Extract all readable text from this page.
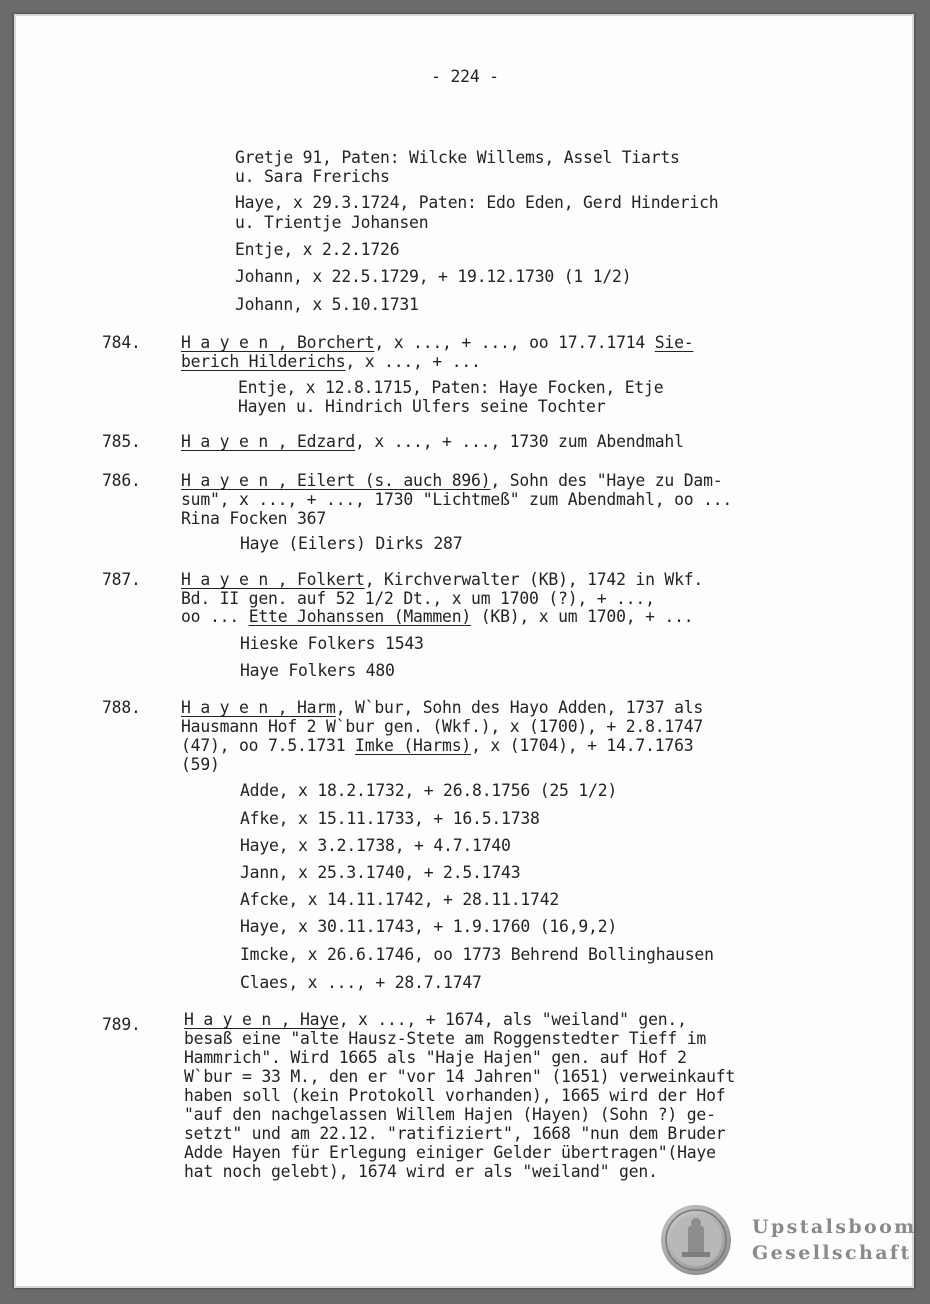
- 224 -
Gretje 91, Paten: Wilcke Willems, Assel Tiarts
u. Sara Frerichs
Haye, x 29.3.1724, Paten: Edo Eden, Gerd Hinderich
u. Trientje Johansen
Entje, x 2.2.1726
Johann, x 22.5.1729, + 19.12.1730 (1 1/2)
Johann, x 5.10.1731
784. H a y e n , Borchert, x ..., + ..., oo 17.7.1714 Sie-
berich Hilderichs, x ..., + ...
Entje, x 12.8.1715, Paten: Haye Focken, Etje
Hayen u. Hindrich Ulfers seine Tochter
785. H a y e n , Edzard, x ..., + ..., 1730 zum Abendmahl
786. H a y e n , Eilert (s. auch 896), Sohn des "Haye zu Dam-
sum", x ..., + ..., 1730 "Lichtmeß" zum Abendmahl, oo ...
Rina Focken 367
Haye (Eilers) Dirks 287
787. H a y e n , Folkert, Kirchverwalter (KB), 1742 in Wkf.
Bd. II gen. auf 52 1/2 Dt., x um 1700 (?), + ...,
oo ... Ette Johanssen (Mammen) (KB), x um 1700, + ...
Hieske Folkers 1543
Haye Folkers 480
788. H a y e n , Harm, W`bur, Sohn des Hayo Adden, 1737 als
Hausmann Hof 2 W`bur gen. (Wkf.), x (1700), + 2.8.1747
(47), oo 7.5.1731 Imke (Harms), x (1704), + 14.7.1763
(59)
Adde, x 18.2.1732, + 26.8.1756 (25 1/2)
Afke, x 15.11.1733, + 16.5.1738
Haye, x 3.2.1738, + 4.7.1740
Jann, x 25.3.1740, + 2.5.1743
Afcke, x 14.11.1742, + 28.11.1742
Haye, x 30.11.1743, + 1.9.1760 (16,9,2)
Imcke, x 26.6.1746, oo 1773 Behrend Bollinghausen
Claes, x ..., + 28.7.1747
789.	H a y e n , Haye, x ..., + 1674, als "weiland" gen.,
besaß eine "alte Hausz-Stete am Roggenstedter Tieff im
Hammrich". Wird 1665 als "Haje Hajen" gen. auf Hof 2
W`bur = 33 M., den er "vor 14 Jahren" (1651) verweinkauft
haben soll (kein Protokoll vorhanden), 1665 wird der Hof
"auf den nachgelassen Willem Hajen (Hayen) (Sohn ?) ge-
setzt" und am 22.12. "ratifiziert", 1668 "nun dem Bruder
Adde Hayen für Erlegung einiger Gelder übertragen"(Haye
hat noch gelebt), 1674 wird er als "weiland" gen.
Upstalsboom
Gesellschaft
